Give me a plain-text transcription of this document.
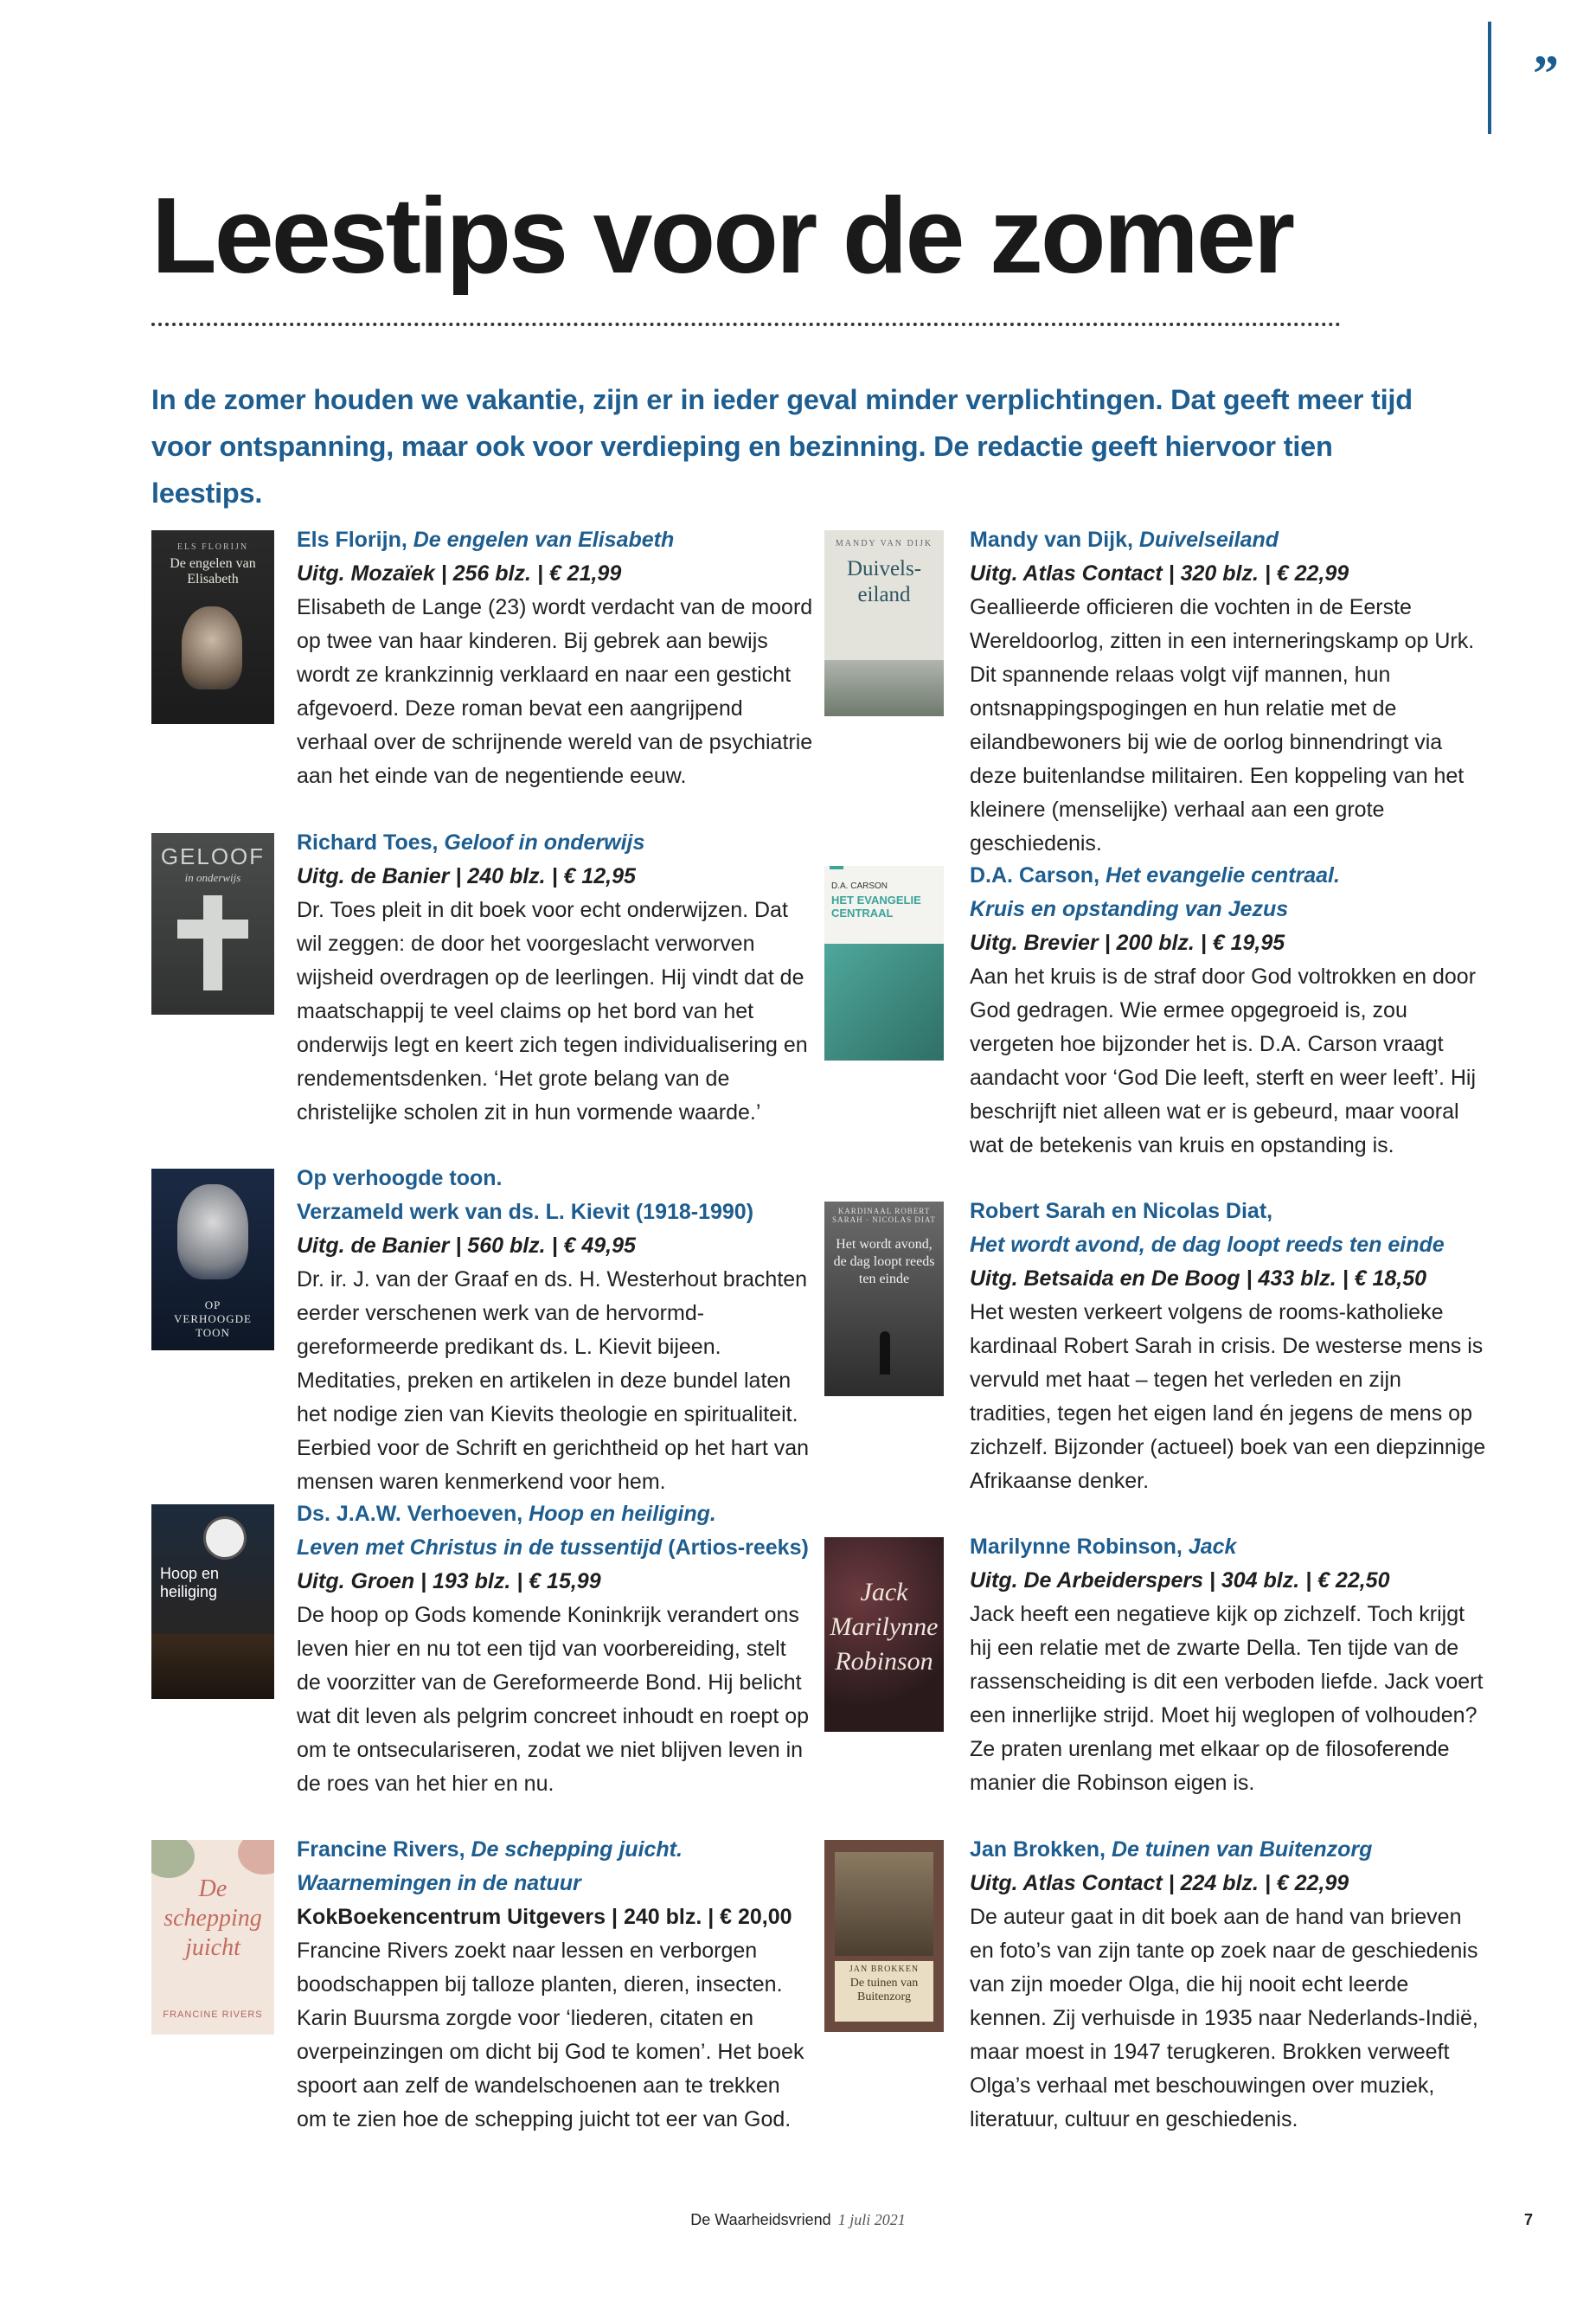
”
Leestips voor de zomer

In de zomer houden we vakantie, zijn er in ieder geval minder verplichtingen. Dat geeft meer tijd voor ontspanning, maar ook voor verdieping en bezinning. De redactie geeft hiervoor tien leestips.

ELS FLORIJN
De engelen van Elisabeth

Els Florijn, De engelen van Elisabeth

Uitg. Mozaïek | 256 blz. | € 21,99

Elisabeth de Lange (23) wordt verdacht van de moord op twee van haar kinderen. Bij gebrek aan bewijs wordt ze krankzinnig verklaard en naar een gesticht afgevoerd. Deze roman bevat een aangrijpend verhaal over de schrijnende wereld van de psychiatrie aan het einde van de negentiende eeuw.

GELOOF
in onderwijs

Richard Toes, Geloof in onderwijs

Uitg. de Banier | 240 blz. | € 12,95

Dr. Toes pleit in dit boek voor echt onderwijzen. Dat wil zeggen: de door het voorgeslacht verworven wijsheid overdragen op de leerlingen. Hij vindt dat de maatschappij te veel claims op het bord van het onderwijs legt en keert zich tegen individualisering en rendementsdenken. ‘Het grote belang van de christelijke scholen zit in hun vormende waarde.’

OP VERHOOGDE TOON

Op verhoogde toon.

Verzameld werk van ds. L. Kievit (1918-1990)

Uitg. de Banier | 560 blz. | € 49,95

Dr. ir. J. van der Graaf en ds. H. Westerhout brachten eerder verschenen werk van de hervormd-gereformeerde predikant ds. L. Kievit bijeen. Meditaties, preken en artikelen in deze bundel laten het nodige zien van Kievits theologie en spiritualiteit. Eerbied voor de Schrift en gerichtheid op het hart van mensen waren kenmerkend voor hem.

Hoop en heiliging

Ds. J.A.W. Verhoeven, Hoop en heiliging.

Leven met Christus in de tussentijd (Artios-reeks)

Uitg. Groen | 193 blz. | € 15,99

De hoop op Gods komende Koninkrijk verandert ons leven hier en nu tot een tijd van voorbereiding, stelt de voorzitter van de Gereformeerde Bond. Hij belicht wat dit leven als pelgrim concreet inhoudt en roept op om te ontseculariseren, zodat we niet blijven leven in de roes van het hier en nu.

De schepping juicht
FRANCINE RIVERS

Francine Rivers, De schepping juicht.

Waarnemingen in de natuur

KokBoekencentrum Uitgevers | 240 blz. | € 20,00

Francine Rivers zoekt naar lessen en verborgen boodschappen bij talloze planten, dieren, insecten. Karin Buursma zorgde voor ‘liederen, citaten en overpeinzingen om dicht bij God te komen’. Het boek spoort aan zelf de wandelschoenen aan te trekken om te zien hoe de schepping juicht tot eer van God.

MANDY VAN DIJK
Duivels-eiland

Mandy van Dijk, Duivelseiland

Uitg. Atlas Contact | 320 blz. | € 22,99

Geallieerde officieren die vochten in de Eerste Wereldoorlog, zitten in een interneringskamp op Urk. Dit spannende relaas volgt vijf mannen, hun ontsnappingspogingen en hun relatie met de eilandbewoners bij wie de oorlog binnendringt via deze buitenlandse militairen. Een koppeling van het kleinere (menselijke) verhaal aan een grote geschiedenis.

D.A. CARSON
HET EVANGELIE CENTRAAL

D.A. Carson, Het evangelie centraal.

Kruis en opstanding van Jezus

Uitg. Brevier | 200 blz. | € 19,95

Aan het kruis is de straf door God voltrokken en door God gedragen. Wie ermee opgegroeid is, zou vergeten hoe bijzonder het is. D.A. Carson vraagt aandacht voor ‘God Die leeft, sterft en weer leeft’. Hij beschrijft niet alleen wat er is gebeurd, maar vooral wat de betekenis van kruis en opstanding is.

KARDINAAL ROBERT SARAH · NICOLAS DIAT
Het wordt avond, de dag loopt reeds ten einde

Robert Sarah en Nicolas Diat,

Het wordt avond, de dag loopt reeds ten einde

Uitg. Betsaida en De Boog | 433 blz. | € 18,50

Het westen verkeert volgens de rooms-katholieke kardinaal Robert Sarah in crisis. De westerse mens is vervuld met haat – tegen het verleden en zijn tradities, tegen het eigen land én jegens de mens op zichzelf. Bijzonder (actueel) boek van een diepzinnige Afrikaanse denker.

Jack Marilynne Robinson

Marilynne Robinson, Jack

Uitg. De Arbeiderspers | 304 blz. | € 22,50

Jack heeft een negatieve kijk op zichzelf. Toch krijgt hij een relatie met de zwarte Della. Ten tijde van de rassenscheiding is dit een verboden liefde. Jack voert een innerlijke strijd. Moet hij weglopen of volhouden? Ze praten urenlang met elkaar op de filosoferende manier die Robinson eigen is.

JAN BROKKEN
De tuinen van Buitenzorg

Jan Brokken, De tuinen van Buitenzorg

Uitg. Atlas Contact | 224 blz. | € 22,99

De auteur gaat in dit boek aan de hand van brieven en foto’s van zijn tante op zoek naar de geschiedenis van zijn moeder Olga, die hij nooit echt leerde kennen. Zij verhuisde in 1935 naar Nederlands-Indië, maar moest in 1947 terugkeren. Brokken verweeft Olga’s verhaal met beschouwingen over muziek, literatuur, cultuur en geschiedenis.

De Waarheidsvriend 1 juli 2021	7
